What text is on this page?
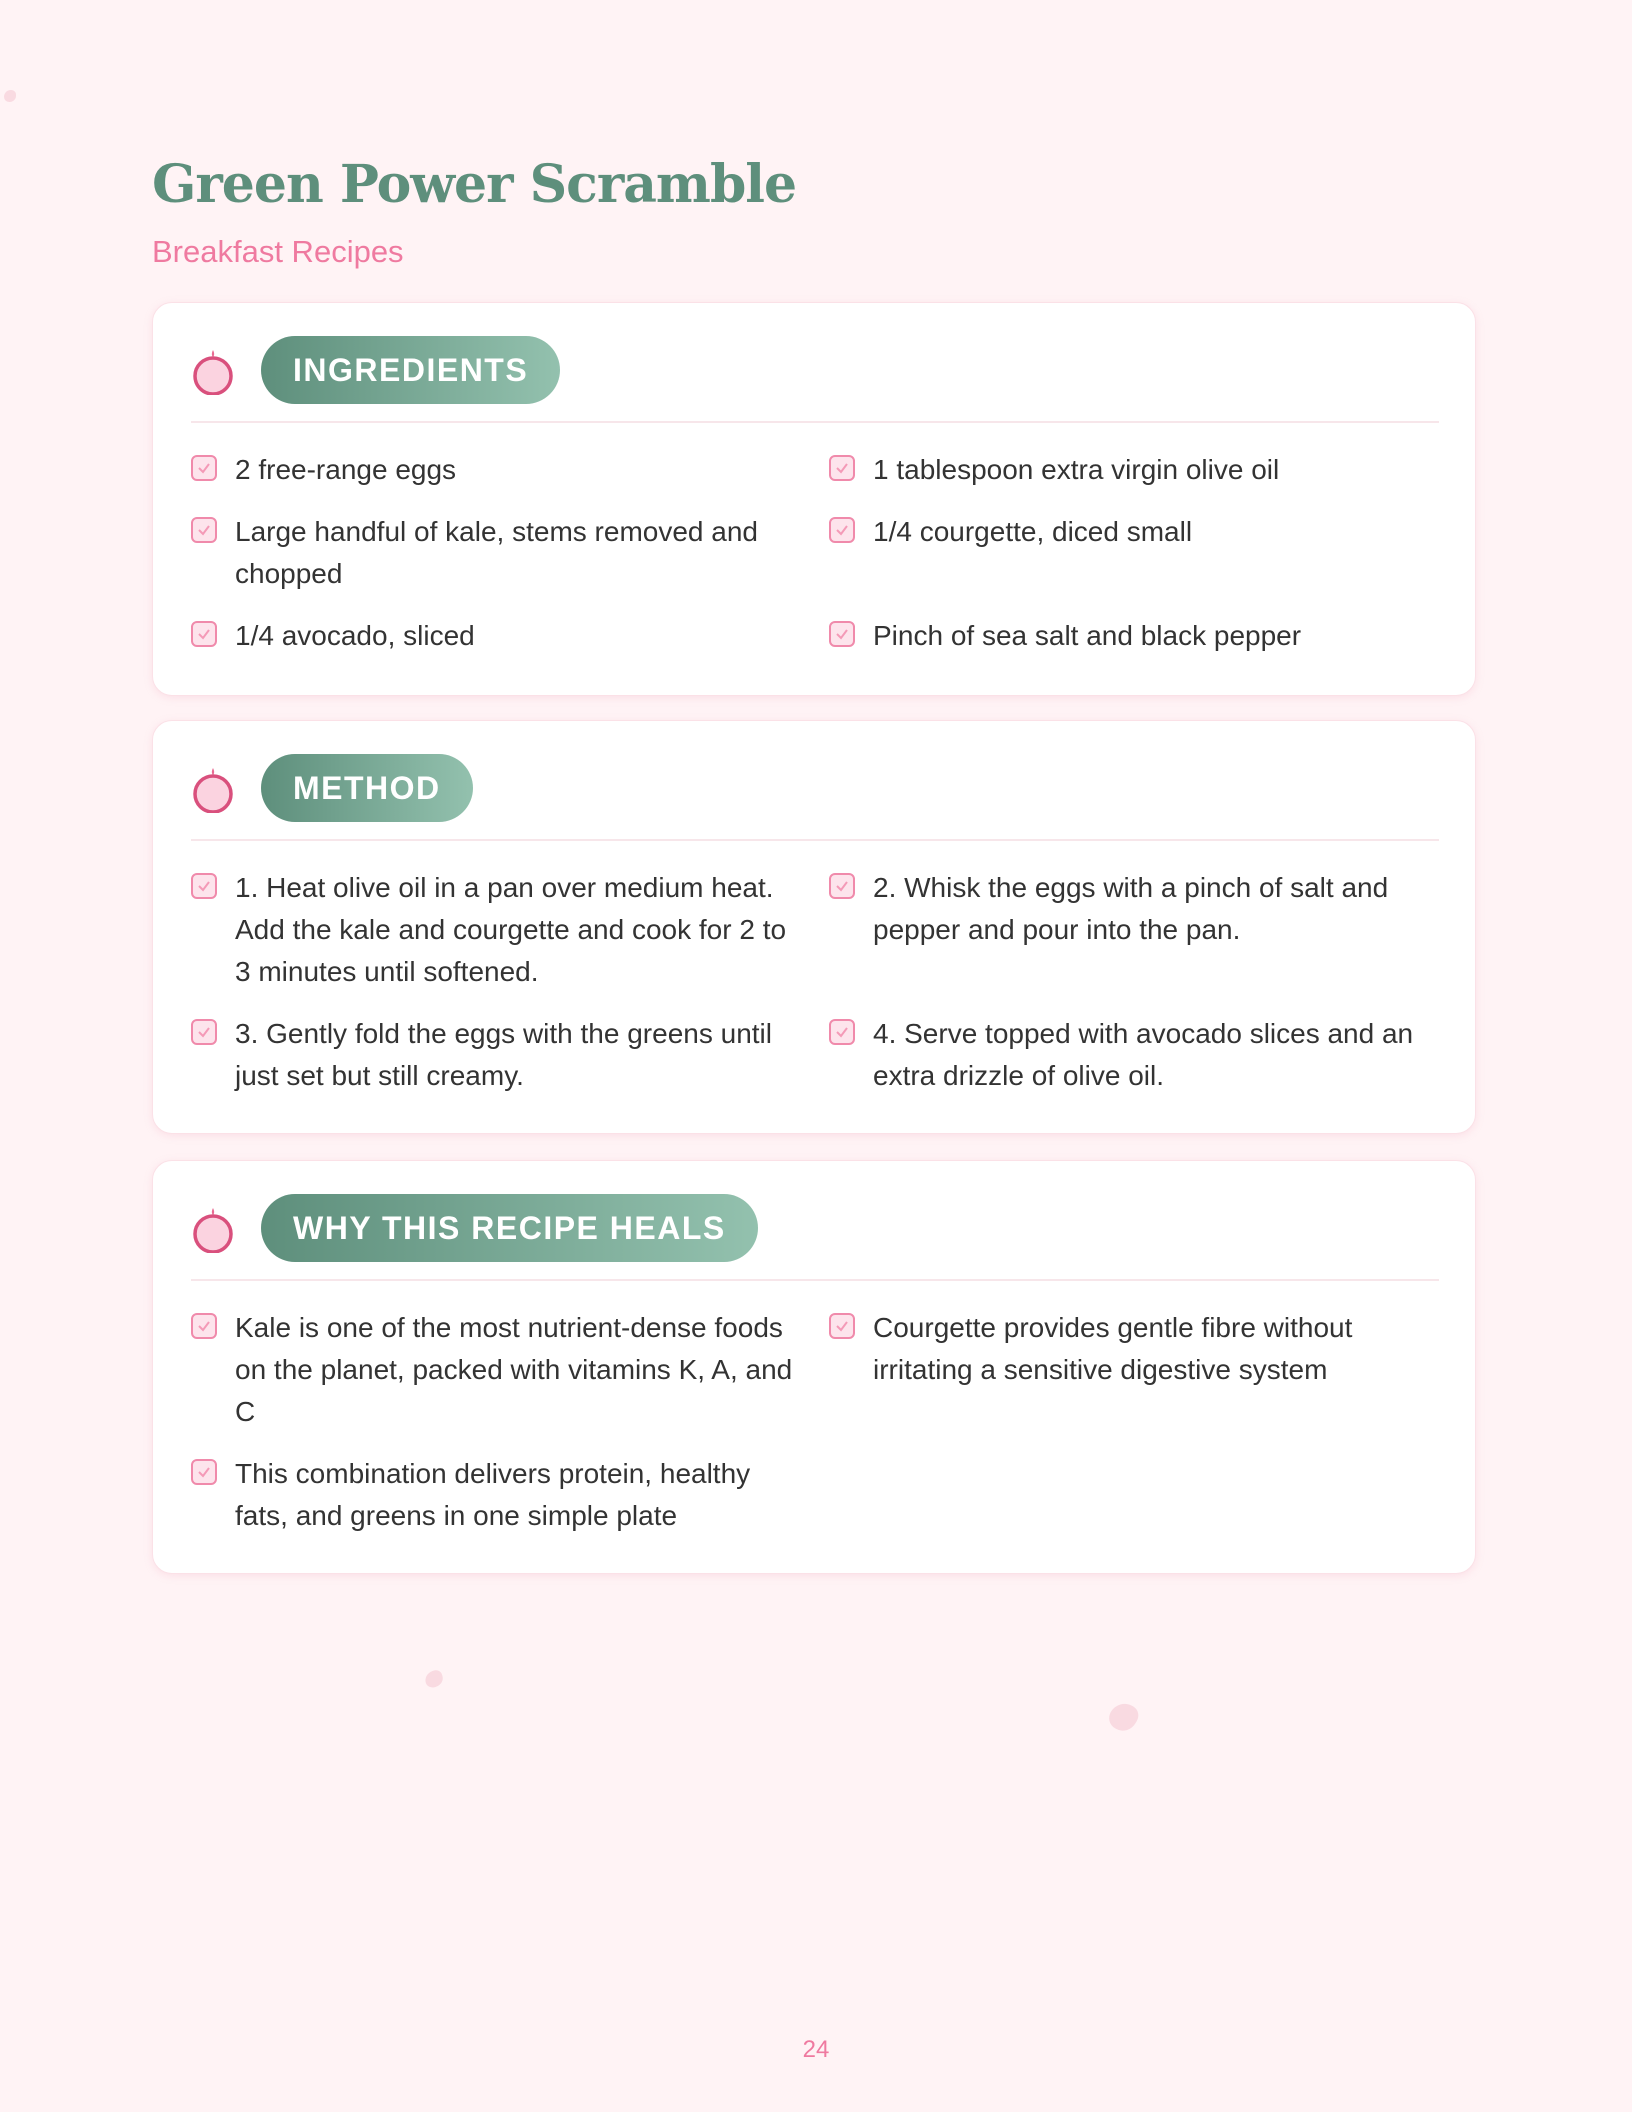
Green Power Scramble
Breakfast Recipes
INGREDIENTS
2 free-range eggs	1 tablespoon extra virgin olive oil
Large handful of kale, stems removed and chopped
1/4 courgette, diced small
1/4 avocado, sliced	Pinch of sea salt and black pepper
METHOD
1. Heat olive oil in a pan over medium heat. Add the kale and courgette and cook for 2 to 3 minutes until softened.
2. Whisk the eggs with a pinch of salt and pepper and pour into the pan.
3. Gently fold the eggs with the greens until just set but still creamy.
4. Serve topped with avocado slices and an extra drizzle of olive oil.
WHY THIS RECIPE HEALS
Kale is one of the most nutrient-dense foods on the planet, packed with vitamins K, A, and C
Courgette provides gentle fibre without irritating a sensitive digestive system
This combination delivers protein, healthy fats, and greens in one simple plate
24
